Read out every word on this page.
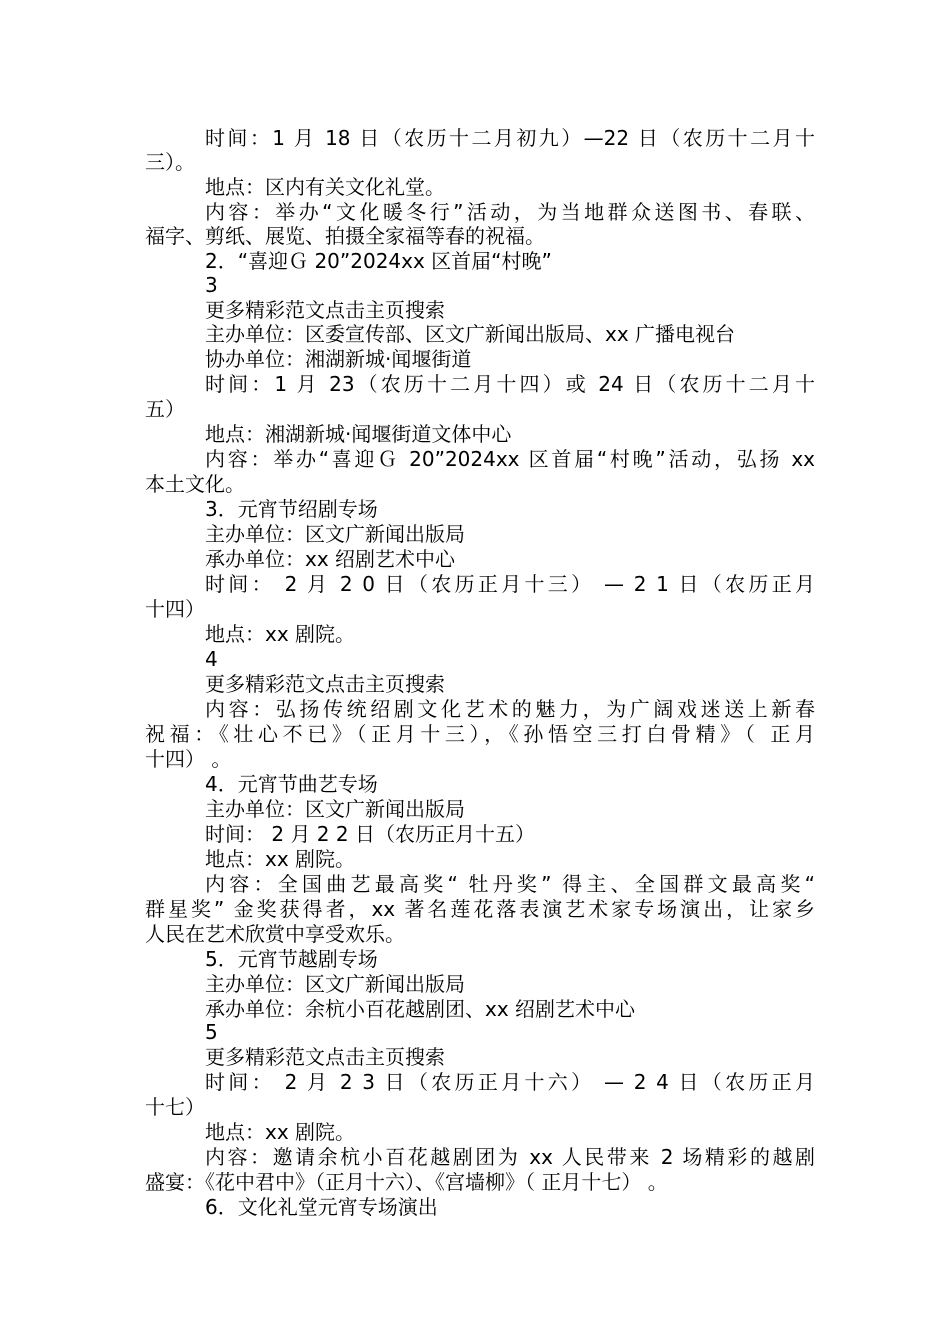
时间：1 月 18 日（农历十二月初九）—22 日（农历十二月十
三）。
地点：区内有关文化礼堂。
内容：举办“文化暖冬行”活动，为当地群众送图书、春联、
福字、剪纸、展览、拍摄全家福等春的祝福。
2．“喜迎Ｇ 20”2024xx 区首届“村晚”
3
更多精彩范文点击主页搜索
主办单位：区委宣传部、区文广新闻出版局、xx 广播电视台
协办单位：湘湖新城·闻堰街道
时间：1 月 23（农历十二月十四）或 24 日（农历十二月十
五）
地点：湘湖新城·闻堰街道文体中心
内容：举办“喜迎Ｇ 20”2024xx 区首届“村晚”活动，弘扬 xx
本土文化。
3．元宵节绍剧专场
主办单位：区文广新闻出版局
承办单位：xx 绍剧艺术中心
时间： 2 月 2 0 日（农历正月十三） — 2 1 日（农历正月
十四）
地点：xx 剧院。
4
更多精彩范文点击主页搜索
内容：弘扬传统绍剧文化艺术的魅力，为广阔戏迷送上新春
祝福：《壮心不已》（正月十三），《孙悟空三打白骨精》（ 正月
十四） 。
4．元宵节曲艺专场
主办单位：区文广新闻出版局
时间： 2 月 2 2 日（农历正月十五）
地点：xx 剧院。
内容：全国曲艺最高奖“ 牡丹奖” 得主、全国群文最高奖“
群星奖” 金奖获得者，xx 著名莲花落表演艺术家专场演出，让家乡
人民在艺术欣赏中享受欢乐。
5．元宵节越剧专场
主办单位：区文广新闻出版局
承办单位：余杭小百花越剧团、xx 绍剧艺术中心
5
更多精彩范文点击主页搜索
时间： 2 月 2 3 日（农历正月十六） — 2 4 日（农历正月
十七）
地点：xx 剧院。
内容：邀请余杭小百花越剧团为 xx 人民带来 2 场精彩的越剧
盛宴：《花中君中》（正月十六）、《宫墙柳》（ 正月十七） 。
6．文化礼堂元宵专场演出
